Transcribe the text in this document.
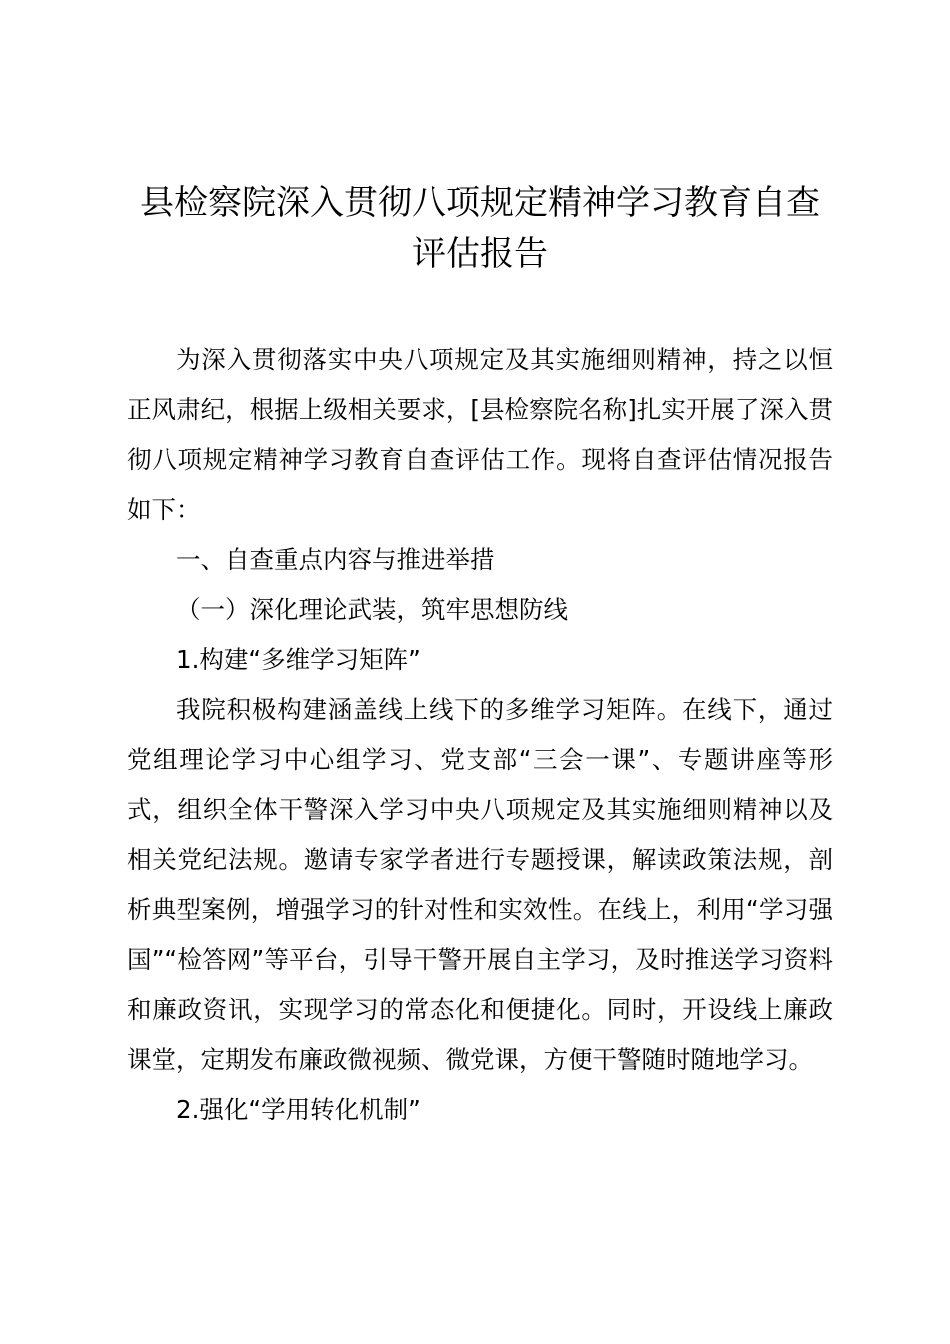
县检察院深入贯彻八项规定精神学习教育自查
评估报告

为深入贯彻落实中央八项规定及其实施细则精神，持之以恒正风肃纪，根据上级相关要求，[县检察院名称]扎实开展了深入贯彻八项规定精神学习教育自查评估工作。现将自查评估情况报告如下：

一、自查重点内容与推进举措

（一）深化理论武装，筑牢思想防线

1.构建“多维学习矩阵”

我院积极构建涵盖线上线下的多维学习矩阵。在线下，通过党组理论学习中心组学习、党支部“三会一课”、专题讲座等形式，组织全体干警深入学习中央八项规定及其实施细则精神以及相关党纪法规。邀请专家学者进行专题授课，解读政策法规，剖析典型案例，增强学习的针对性和实效性。在线上，利用“学习强国”“检答网”等平台，引导干警开展自主学习，及时推送学习资料和廉政资讯，实现学习的常态化和便捷化。同时，开设线上廉政课堂，定期发布廉政微视频、微党课，方便干警随时随地学习。

2.强化“学用转化机制”
